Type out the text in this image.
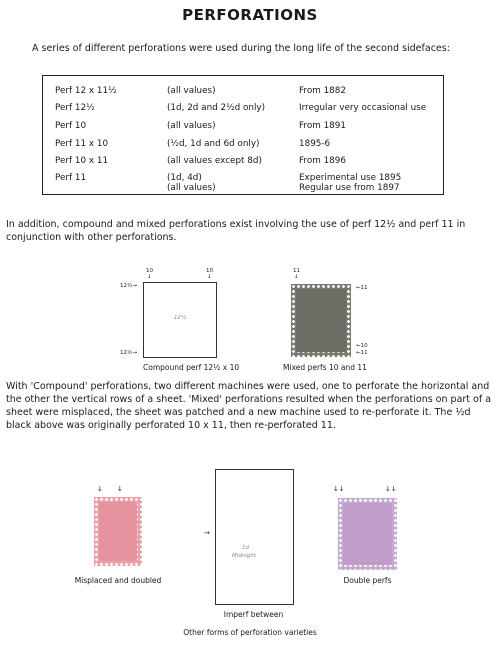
PERFORATIONS
A series of different perforations were used during the long life of the second sidefaces:
Perf 12 x 11½	(all values)	From 1882
Perf 12½	(1d, 2d and 2½d only)	Irregular very occasional use
Perf 10	(all values)	From 1891
Perf 11 x 10	(½d, 1d and 6d only)	1895-6
Perf 10 x 11	(all values except 8d)	From 1896
Perf 11	(1d, 4d)	Experimental use 1895
(all values)	Regular use from 1897
In addition, compound and mixed perforations exist involving the use of perf 12½ and perf 11 in conjunction with other perforations.
10
↓
10
↓
12½→
12½→
12½
Compound perf 12½ x 10
11
↓
←11
←10
←11
Mixed perfs 10 and 11
With 'Compound' perforations, two different machines were used, one to perforate the horizontal and the other the vertical rows of a sheet. 'Mixed' perforations resulted when the perforations on part of a sheet were misplaced, the sheet was patched and a new machine used to re-perforate it. The ½d black above was originally perforated 10 x 11, then re-perforated 11.
↓ ↓
Misplaced and doubled
→
1d
Midnight
Imperf between
↓↓	↓↓
Double perfs
Other forms of perforation varieties
